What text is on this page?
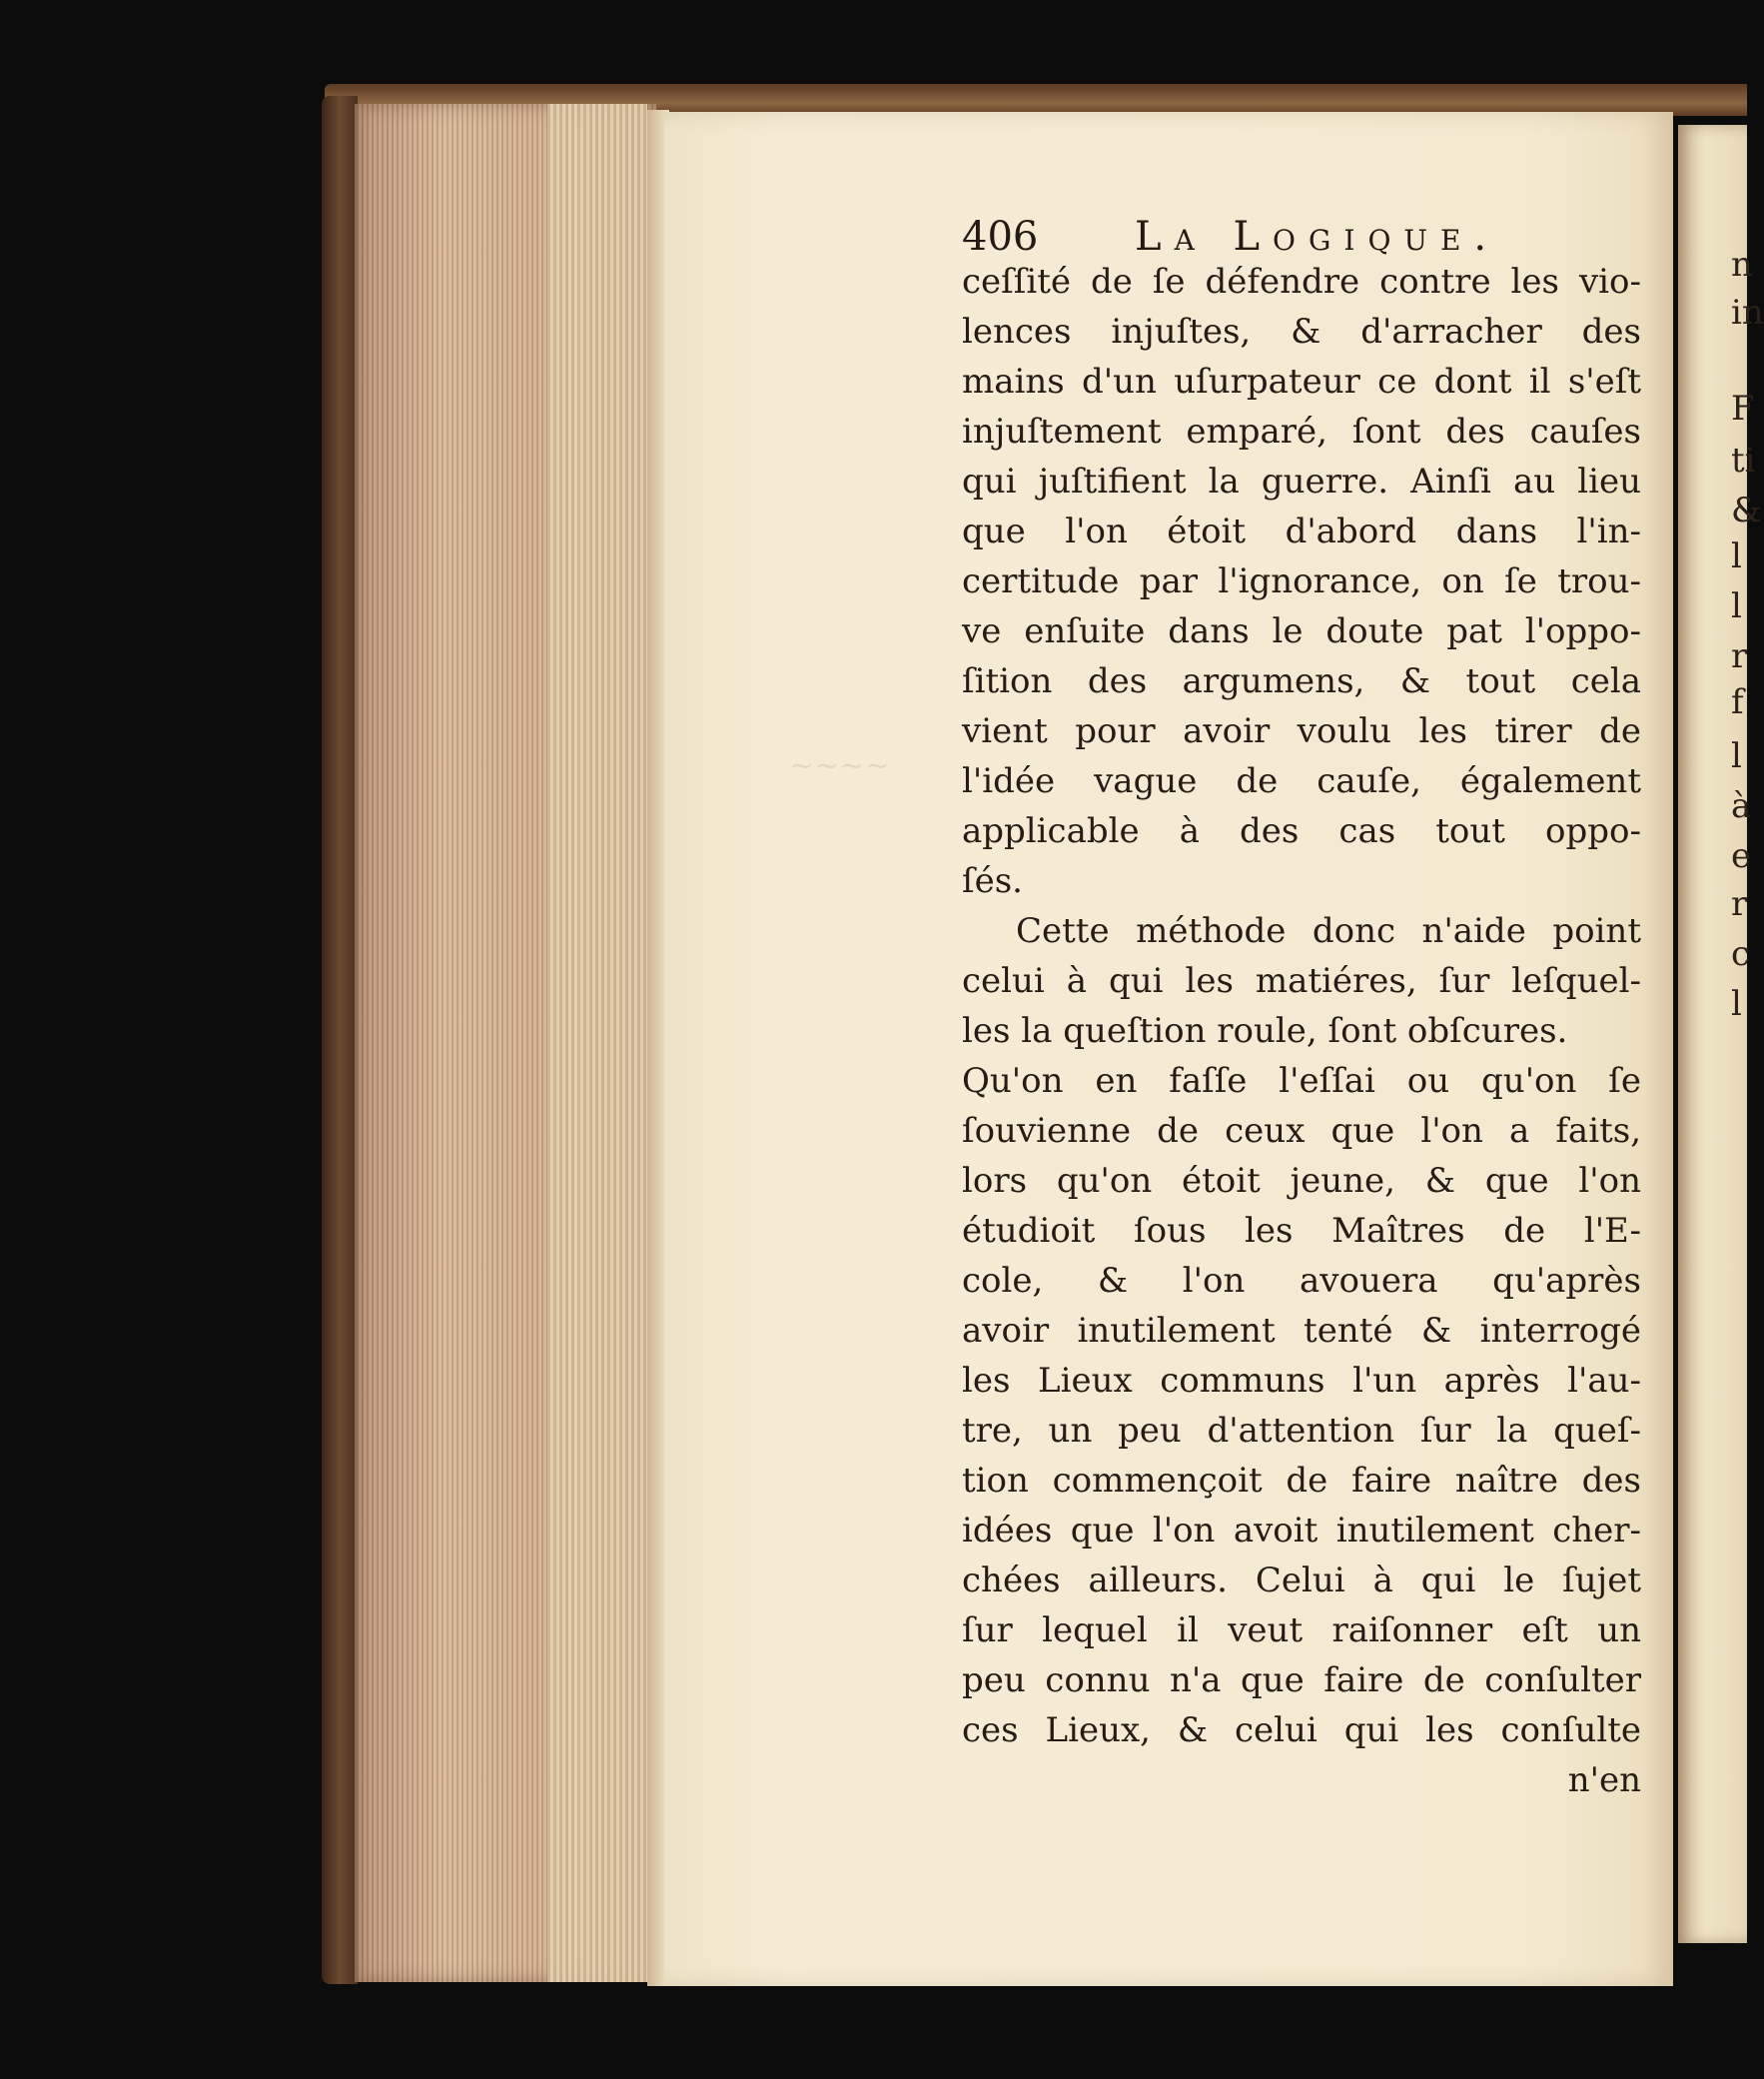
n
in
F
ti
&
l
l
r
f
l
à
e
r
c
l
~~~~
406 La Logique.
ceſſité de ſe défendre contre les vio-
lences injuſtes, & d'arracher des
mains d'un uſurpateur ce dont il s'eſt
injuſtement emparé, ſont des cauſes
qui juſtifient la guerre. Ainſi au lieu
que l'on étoit d'abord dans l'in-
certitude par l'ignorance, on ſe trou-
ve enſuite dans le doute pat l'oppo-
ſition des argumens, & tout cela
vient pour avoir voulu les tirer de
l'idée vague de cauſe, également
applicable à des cas tout oppo-
ſés.
Cette méthode donc n'aide point
celui à qui les matiéres, ſur leſquel-
les la queſtion roule, ſont obſcures.
Qu'on en faſſe l'eſſai ou qu'on ſe
ſouvienne de ceux que l'on a faits,
lors qu'on étoit jeune, & que l'on
étudioit ſous les Maîtres de l'E-
cole, & l'on avouera qu'après
avoir inutilement tenté & interrogé
les Lieux communs l'un après l'au-
tre, un peu d'attention ſur la queſ-
tion commençoit de faire naître des
idées que l'on avoit inutilement cher-
chées ailleurs. Celui à qui le ſujet
ſur lequel il veut raiſonner eſt un
peu connu n'a que faire de conſulter
ces Lieux, & celui qui les conſulte
n'en
